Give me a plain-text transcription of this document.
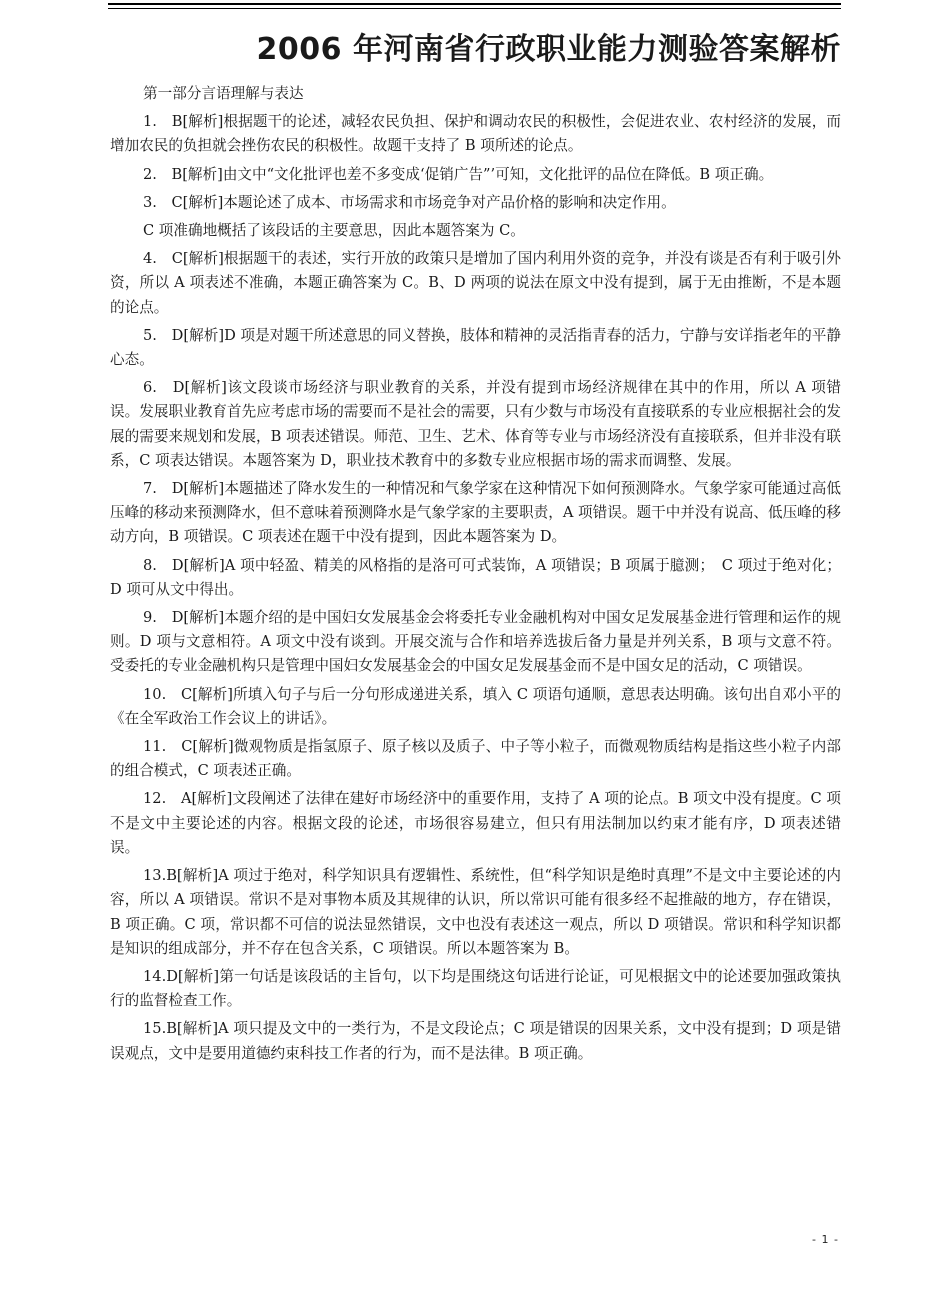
2006 年河南省行政职业能力测验答案解析

第一部分言语理解与表达

1.　B[解析]根据题干的论述，减轻农民负担、保护和调动农民的积极性，会促进农业、农村经济的发展，而增加农民的负担就会挫伤农民的积极性。故题干支持了 B 项所述的论点。

2.　B[解析]由文中“文化批评也差不多变成‘促销广告”’可知，文化批评的品位在降低。B 项正确。

3.　C[解析]本题论述了成本、市场需求和市场竞争对产品价格的影响和决定作用。

C 项准确地概括了该段话的主要意思，因此本题答案为 C。

4.　C[解析]根据题干的表述，实行开放的政策只是增加了国内利用外资的竞争，并没有谈是否有利于吸引外资，所以 A 项表述不准确，本题正确答案为 C。B、D 两项的说法在原文中没有提到，属于无由推断，不是本题的论点。

5.　D[解析]D 项是对题干所述意思的同义替换，肢体和精神的灵活指青春的活力，宁静与安详指老年的平静心态。

6.　D[解析]该文段谈市场经济与职业教育的关系，并没有提到市场经济规律在其中的作用，所以 A 项错误。发展职业教育首先应考虑市场的需要而不是社会的需要，只有少数与市场没有直接联系的专业应根据社会的发展的需要来规划和发展，B 项表述错误。师范、卫生、艺术、体育等专业与市场经济没有直接联系，但并非没有联系，C 项表达错误。本题答案为 D，职业技术教育中的多数专业应根据市场的需求而调整、发展。

7.　D[解析]本题描述了降水发生的一种情况和气象学家在这种情况下如何预测降水。气象学家可能通过高低压峰的移动来预测降水，但不意味着预测降水是气象学家的主要职责，A 项错误。题干中并没有说高、低压峰的移动方向，B 项错误。C 项表述在题干中没有提到，因此本题答案为 D。

8.　D[解析]A 项中轻盈、精美的风格指的是洛可可式装饰，A 项错误；B 项属于臆测；　C 项过于绝对化；D 项可从文中得出。

9.　D[解析]本题介绍的是中国妇女发展基金会将委托专业金融机构对中国女足发展基金进行管理和运作的规则。D 项与文意相符。A 项文中没有谈到。开展交流与合作和培养选拔后备力量是并列关系，B 项与文意不符。受委托的专业金融机构只是管理中国妇女发展基金会的中国女足发展基金而不是中国女足的活动，C 项错误。

10.　C[解析]所填入句子与后一分句形成递进关系，填入 C 项语句通顺，意思表达明确。该句出自邓小平的《在全军政治工作会议上的讲话》。

11.　C[解析]微观物质是指氢原子、原子核以及质子、中子等小粒子，而微观物质结构是指这些小粒子内部的组合模式，C 项表述正确。

12.　A[解析]文段阐述了法律在建好市场经济中的重要作用，支持了 A 项的论点。B 项文中没有提度。C 项不是文中主要论述的内容。根据文段的论述，市场很容易建立，但只有用法制加以约束才能有序，D 项表述错误。

13.B[解析]A 项过于绝对，科学知识具有逻辑性、系统性，但“科学知识是绝时真理”不是文中主要论述的内容，所以 A 项错误。常识不是对事物本质及其规律的认识，所以常识可能有很多经不起推敲的地方，存在错误，B 项正确。C 项，常识都不可信的说法显然错误，文中也没有表述这一观点，所以 D 项错误。常识和科学知识都是知识的组成部分，并不存在包含关系，C 项错误。所以本题答案为 B。

14.D[解析]第一句话是该段话的主旨句，以下均是围绕这句话进行论证，可见根据文中的论述要加强政策执行的监督检查工作。

15.B[解析]A 项只提及文中的一类行为，不是文段论点；C 项是错误的因果关系，文中没有提到；D 项是错误观点，文中是要用道德约束科技工作者的行为，而不是法律。B 项正确。

- 1 -
